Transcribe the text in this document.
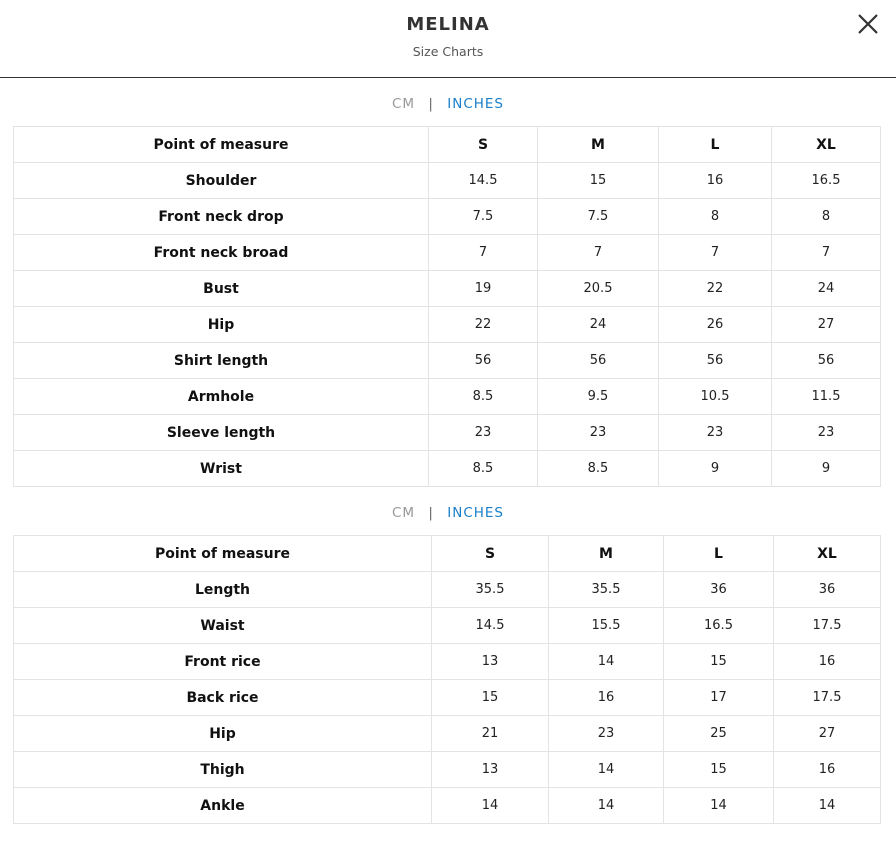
MELINA
Size Charts
CM | INCHES
Point of measure	S	M	L	XL
Shoulder	14.5	15	16	16.5
Front neck drop	7.5	7.5	8	8
Front neck broad	7	7	7	7
Bust	19	20.5	22	24
Hip	22	24	26	27
Shirt length	56	56	56	56
Armhole	8.5	9.5	10.5	11.5
Sleeve length	23	23	23	23
Wrist	8.5	8.5	9	9
CM | INCHES
Point of measure	S	M	L	XL
Length	35.5	35.5	36	36
Waist	14.5	15.5	16.5	17.5
Front rice	13	14	15	16
Back rice	15	16	17	17.5
Hip	21	23	25	27
Thigh	13	14	15	16
Ankle	14	14	14	14
